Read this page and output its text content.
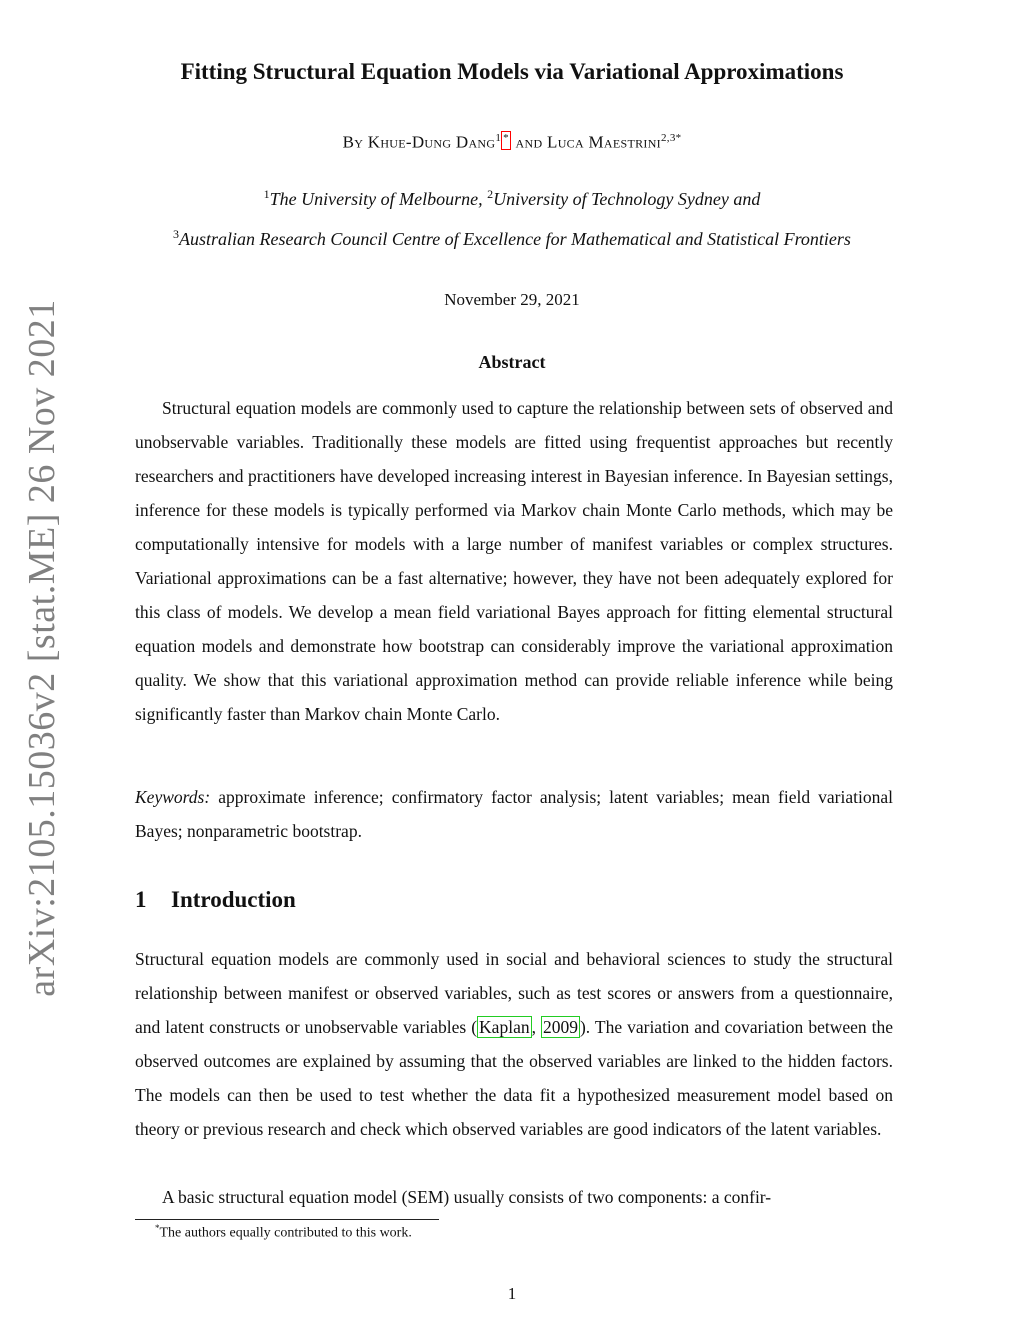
arXiv:2105.15036v2 [stat.ME] 26 Nov 2021
Fitting Structural Equation Models via Variational Approximations
By Khue-Dung Dang$^1$ * and Luca Maestrini$^{2,3*}$
$^1$The University of Melbourne, $^2$University of Technology Sydney and
$^3$Australian Research Council Centre of Excellence for Mathematical and Statistical Frontiers
November 29, 2021
Abstract
Structural equation models are commonly used to capture the relationship between sets of observed and unobservable variables. Traditionally these models are fitted using frequentist approaches but recently researchers and practitioners have developed increasing interest in Bayesian inference. In Bayesian settings, inference for these models is typically performed via Markov chain Monte Carlo methods, which may be computationally intensive for models with a large number of manifest variables or complex structures. Variational approximations can be a fast alternative; however, they have not been adequately explored for this class of models. We develop a mean field variational Bayes approach for fitting elemental structural equation models and demonstrate how bootstrap can considerably improve the variational approximation quality. We show that this variational approximation method can provide reliable inference while being significantly faster than Markov chain Monte Carlo.
Keywords: approximate inference; confirmatory factor analysis; latent variables; mean field variational Bayes; nonparametric bootstrap.
1 Introduction
Structural equation models are commonly used in social and behavioral sciences to study the structural relationship between manifest or observed variables, such as test scores or answers from a questionnaire, and latent constructs or unobservable variables ( Kaplan , 2009 ). The variation and covariation between the observed outcomes are explained by assuming that the observed variables are linked to the hidden factors. The models can then be used to test whether the data fit a hypothesized measurement model based on theory or previous research and check which observed variables are good indicators of the latent variables.
A basic structural equation model (SEM) usually consists of two components: a confir-
*The authors equally contributed to this work.
1
